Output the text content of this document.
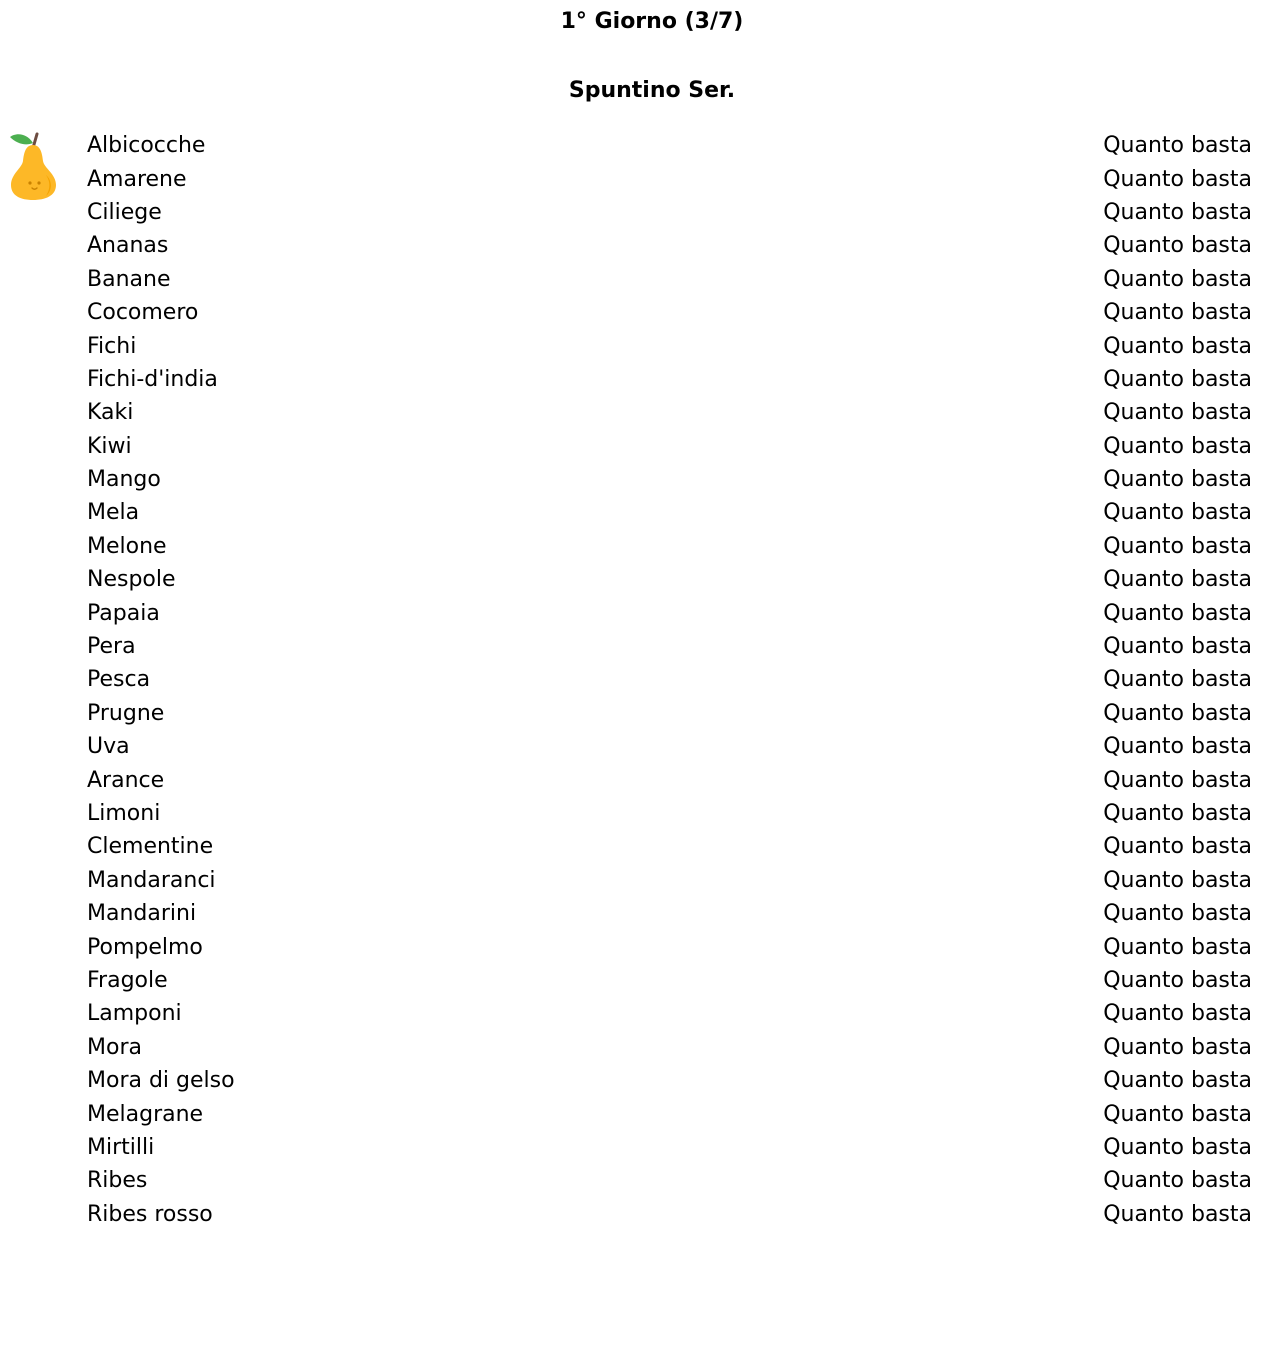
1° Giorno (3/7)
Spuntino Ser.
Albicocche	Quanto basta
Amarene	Quanto basta
Ciliege	Quanto basta
Ananas	Quanto basta
Banane	Quanto basta
Cocomero	Quanto basta
Fichi	Quanto basta
Fichi-d'india	Quanto basta
Kaki	Quanto basta
Kiwi	Quanto basta
Mango	Quanto basta
Mela	Quanto basta
Melone	Quanto basta
Nespole	Quanto basta
Papaia	Quanto basta
Pera	Quanto basta
Pesca	Quanto basta
Prugne	Quanto basta
Uva	Quanto basta
Arance	Quanto basta
Limoni	Quanto basta
Clementine	Quanto basta
Mandaranci	Quanto basta
Mandarini	Quanto basta
Pompelmo	Quanto basta
Fragole	Quanto basta
Lamponi	Quanto basta
Mora	Quanto basta
Mora di gelso	Quanto basta
Melagrane	Quanto basta
Mirtilli	Quanto basta
Ribes	Quanto basta
Ribes rosso	Quanto basta
